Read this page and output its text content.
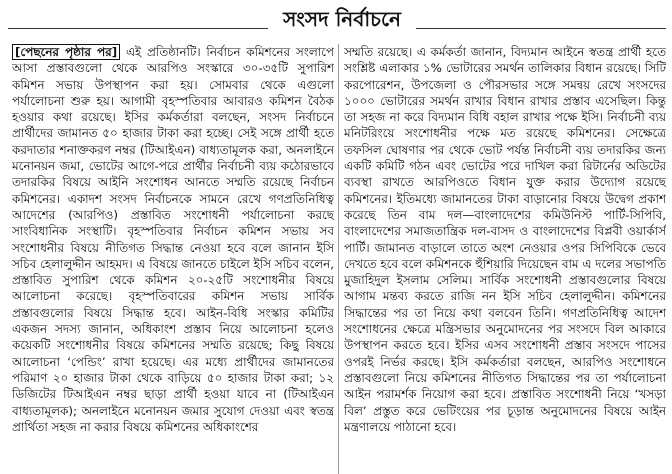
সংসদ নির্বাচনে

[পেছনের পৃষ্ঠার পর] এই প্রতিষ্ঠানটি। নির্বাচন কমিশনের সংলাপে আসা প্রস্তাবগুলো থেকে আরপিও সংস্কারে ৩০-৩৫টি সুপারিশ কমিশন সভায় উপস্থাপন করা হয়। সোমবার থেকে এগুলো পর্যালোচনা শুরু হয়। আগামী বৃহস্পতিবার আবারও কমিশন বৈঠক হওয়ার কথা রয়েছে। ইসির কর্মকর্তারা বলছেন, সংসদ নির্বাচনে প্রার্থীদের জামানত ৫০ হাজার টাকা করা হচ্ছে। সেই সঙ্গে প্রার্থী হতে করদাতার শনাক্তকরণ নম্বর (টিআইএন) বাধ্যতামূলক করা, অনলাইনে মনোনয়ন জমা, ভোটের আগে-পরে প্রার্থীর নির্বাচনী ব্যয় কঠোরভাবে তদারকির বিষয়ে আইনি সংশোধন আনতে সম্মতি রয়েছে নির্বাচন কমিশনের। একাদশ সংসদ নির্বাচনকে সামনে রেখে গণপ্রতিনিধিত্ব আদেশের (আরপিও) প্রস্তাবিত সংশোধনী পর্যালোচনা করছে সাংবিধানিক সংস্থাটি। বৃহস্পতিবার নির্বাচন কমিশন সভায় সব সংশোধনীর বিষয়ে নীতিগত সিদ্ধান্ত নেওয়া হবে বলে জানান ইসি সচিব হেলালুদ্দীন আহমদ। এ বিষয়ে জানতে চাইলে ইসি সচিব বলেন, প্রস্তাবিত সুপারিশ থেকে কমিশন ২০-২৫টি সংশোধনীর বিষয়ে আলোচনা করেছে। বৃহস্পতিবারের কমিশন সভায় সার্বিক প্রস্তাবগুলোর বিষয়ে সিদ্ধান্ত হবে। আইন-বিধি সংস্কার কমিটির একজন সদস্য জানান, অধিকাংশ প্রস্তাব নিয়ে আলোচনা হলেও কয়েকটি সংশোধনীর বিষয়ে কমিশনের সম্মতি রয়েছে; কিছু বিষয়ে আলোচনা ‘পেন্ডিং’ রাখা হয়েছে। এর মধ্যে প্রার্থীদের জামানতের পরিমাণ ২০ হাজার টাকা থেকে বাড়িয়ে ৫০ হাজার টাকা করা; ১২ ডিজিটের টিআইএন নম্বর ছাড়া প্রার্থী হওয়া যাবে না (টিআইএন বাধ্যতামূলক); অনলাইনে মনোনয়ন জমার সুযোগ দেওয়া এবং স্বতন্ত্র প্রার্থিতা সহজ না করার বিষয়ে কমিশনের অধিকাংশের

সম্মতি রয়েছে। এ কর্মকর্তা জানান, বিদ্যমান আইনে স্বতন্ত্র প্রার্থী হতে সংশ্লিষ্ট এলাকার ১% ভোটারের সমর্থন তালিকার বিধান রয়েছে। সিটি করপোরেশন, উপজেলা ও পৌরসভার সঙ্গে সমন্বয় রেখে সংসদের ১০০০ ভোটারের সমর্থন রাখার বিধান রাখার প্রস্তাব এসেছিল। কিন্তু তা সহজ না করে বিদ্যমান বিধি বহাল রাখার পক্ষে ইসি। নির্বাচনী ব্যয় মনিটরিংয়ে সংশোধনীর পক্ষে মত রয়েছে কমিশনের। সেক্ষেত্রে তফসিল ঘোষণার পর থেকে ভোট পর্যন্ত নির্বাচনী ব্যয় তদারকির জন্য একটি কমিটি গঠন এবং ভোটের পরে দাখিল করা রিটার্নের অডিটের ব্যবস্থা রাখতে আরপিওতে বিধান যুক্ত করার উদ্যোগ রয়েছে কমিশনের। ইতিমধ্যে জামানতের টাকা বাড়ানোর বিষয়ে উদ্বেগ প্রকাশ করেছে তিন বাম দল—বাংলাদেশের কমিউনিস্ট পার্টি-সিপিবি, বাংলাদেশের সমাজতান্ত্রিক দল-বাসদ ও বাংলাদেশের বিপ্লবী ওয়ার্কার্স পার্টি। জামানত বাড়ালে তাতে অংশ নেওয়ার ওপর সিপিবিকে ভেবে দেখতে হবে বলে কমিশনকে হুঁশিয়ারি দিয়েছেন বাম এ দলের সভাপতি মুজাহিদুল ইসলাম সেলিম। সার্বিক সংশোধনী প্রস্তাবগুলোর বিষয়ে আগাম মন্তব্য করতে রাজি নন ইসি সচিব হেলালুদ্দীন। কমিশনের সিদ্ধান্তের পর তা নিয়ে কথা বলবেন তিনি। গণপ্রতিনিধিত্ব আদেশ সংশোধনের ক্ষেত্রে মন্ত্রিসভার অনুমোদনের পর সংসদে বিল আকারে উপস্থাপন করতে হবে। ইসির এসব সংশোধনী প্রস্তাব সংসদে পাসের ওপরই নির্ভর করছে। ইসি কর্মকর্তারা বলছেন, আরপিও সংশোধনে প্রস্তাবগুলো নিয়ে কমিশনের নীতিগত সিদ্ধান্তের পর তা পর্যালোচনা আইন পরামর্শক নিয়োগ করা হবে। প্রস্তাবিত সংশোধনী নিয়ে ‘খসড়া বিল’ প্রস্তুত করে ভেটিংয়ের পর চূড়ান্ত অনুমোদনের বিষয়ে আইন মন্ত্রণালয়ে পাঠানো হবে।
